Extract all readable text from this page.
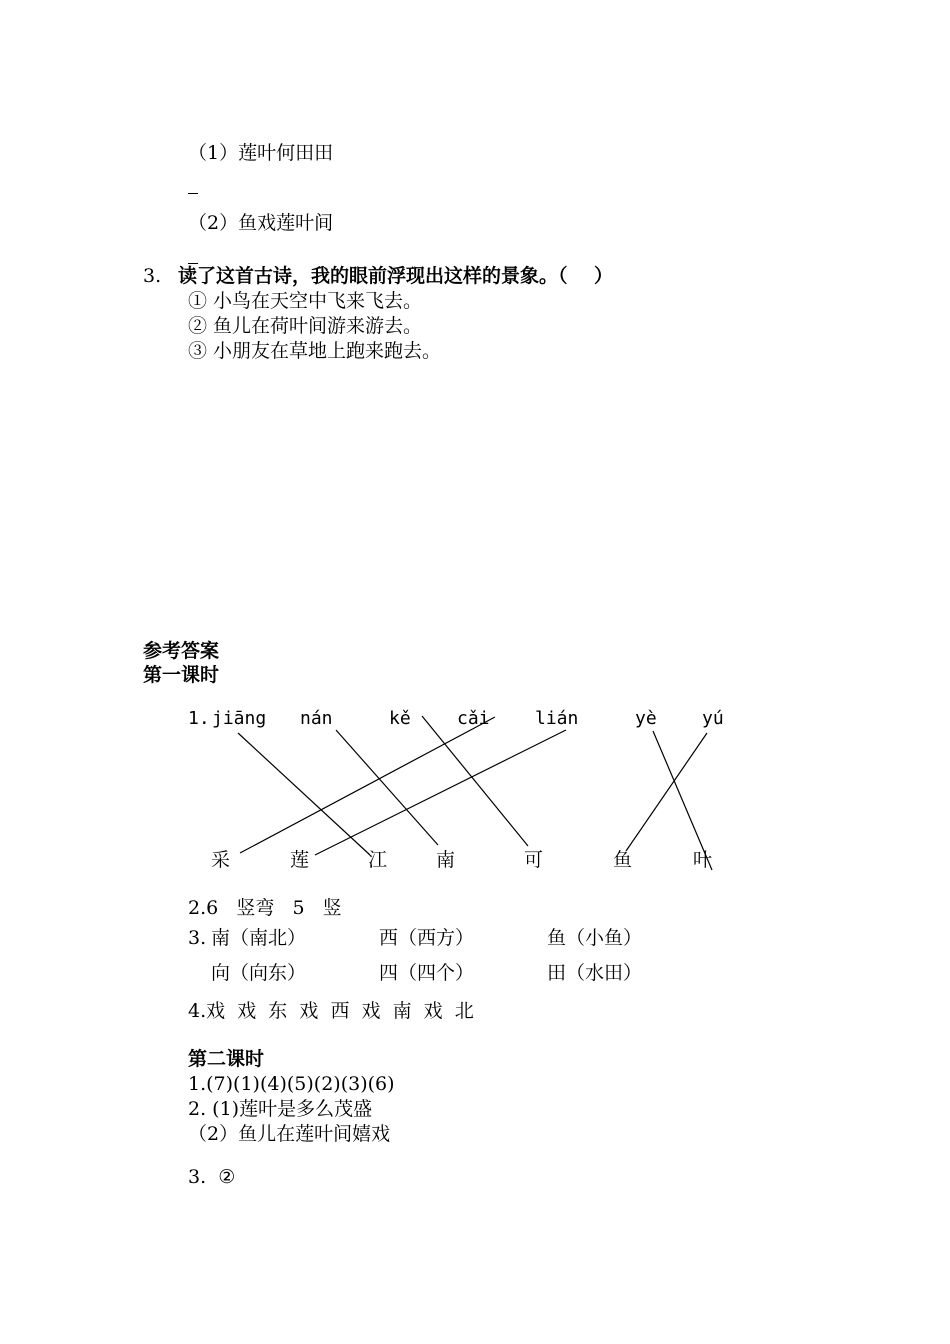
（1）莲叶何田田
（2）鱼戏莲叶间
3. 读了这首古诗，我的眼前浮现出这样的景象。（    ）
① 小鸟在天空中飞来飞去。
② 鱼儿在荷叶间游来游去。
③ 小朋友在草地上跑来跑去。
参考答案
第一课时
1. jiāng nán	kě	cǎi	lián	yè	yú
采	莲	江	南	可	鱼	叶
2.6   竖弯   5   竖
3. 南（南北）	西（西方）	鱼（小鱼）
向（向东）	四（四个）	田（水田）
4.戏  戏  东  戏  西  戏  南  戏  北
第二课时
1.(7)(1)(4)(5)(2)(3)(6)
2. (1)莲叶是多么茂盛
（2）鱼儿在莲叶间嬉戏
3.  ②
